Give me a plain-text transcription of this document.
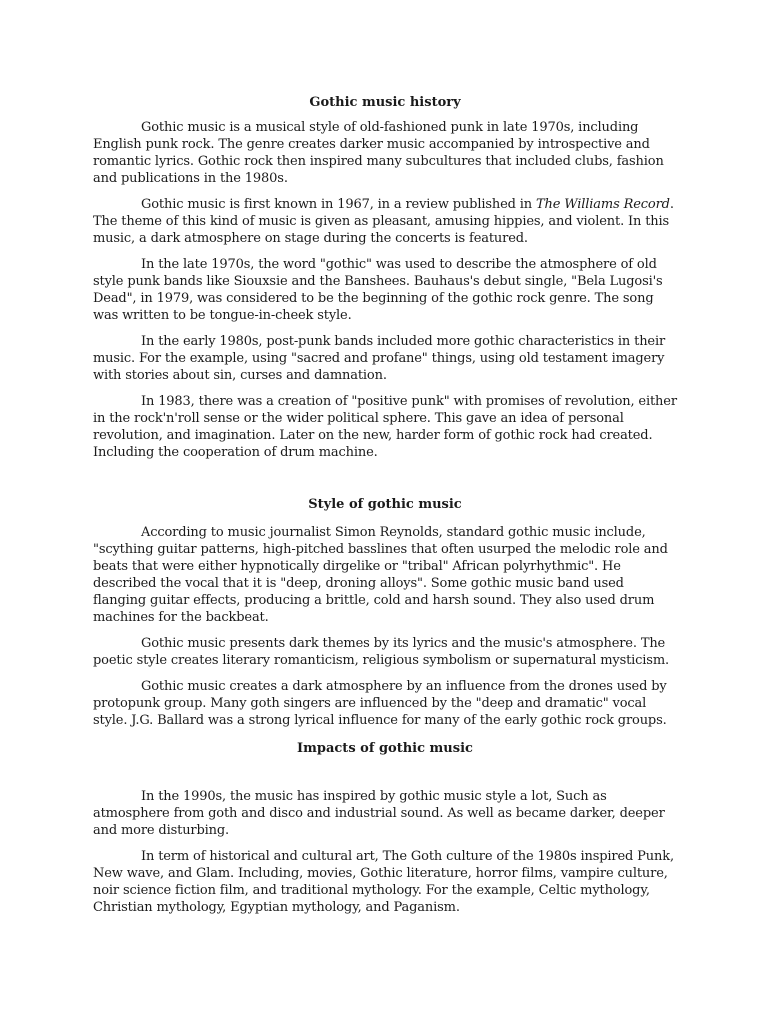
Gothic music history

Gothic music is a musical style of old-fashioned punk in late 1970s, including English punk rock. The genre creates darker music accompanied by introspective and romantic lyrics. Gothic rock then inspired many subcultures that included clubs, fashion and publications in the 1980s.

Gothic music is first known in 1967, in a review published in The Williams Record. The theme of this kind of music is given as pleasant, amusing hippies, and violent. In this music, a dark atmosphere on stage during the concerts is featured.

In the late 1970s, the word "gothic" was used to describe the atmosphere of old style punk bands like Siouxsie and the Banshees. Bauhaus's debut single, "Bela Lugosi's Dead", in 1979, was considered to be the beginning of the gothic rock genre. The song was written to be tongue-in-cheek style.

In the early 1980s, post-punk bands included more gothic characteristics in their music. For the example, using "sacred and profane" things, using old testament imagery with stories about sin, curses and damnation.

In 1983, there was a creation of "positive punk" with promises of revolution, either in the rock'n'roll sense or the wider political sphere. This gave an idea of personal revolution, and imagination. Later on the new, harder form of gothic rock had created. Including the cooperation of drum machine.

Style of gothic music

According to music journalist Simon Reynolds, standard gothic music include, "scything guitar patterns, high-pitched basslines that often usurped the melodic role and beats that were either hypnotically dirgelike or "tribal" African polyrhythmic". He described the vocal that it is "deep, droning alloys". Some gothic music band used flanging guitar effects, producing a brittle, cold and harsh sound. They also used drum machines for the backbeat.

Gothic music presents dark themes by its lyrics and the music's atmosphere. The poetic style creates literary romanticism, religious symbolism or supernatural mysticism.

Gothic music creates a dark atmosphere by an influence from the drones used by protopunk group. Many goth singers are influenced by the "deep and dramatic" vocal style. J.G. Ballard was a strong lyrical influence for many of the early gothic rock groups.

Impacts of gothic music

In the 1990s, the music has inspired by gothic music style a lot, Such as atmosphere from goth and disco and industrial sound. As well as became darker, deeper and more disturbing.

In term of historical and cultural art, The Goth culture of the 1980s inspired Punk, New wave, and Glam. Including, movies, Gothic literature, horror films, vampire culture, noir science fiction film, and traditional mythology. For the example, Celtic mythology, Christian mythology, Egyptian mythology, and Paganism.
